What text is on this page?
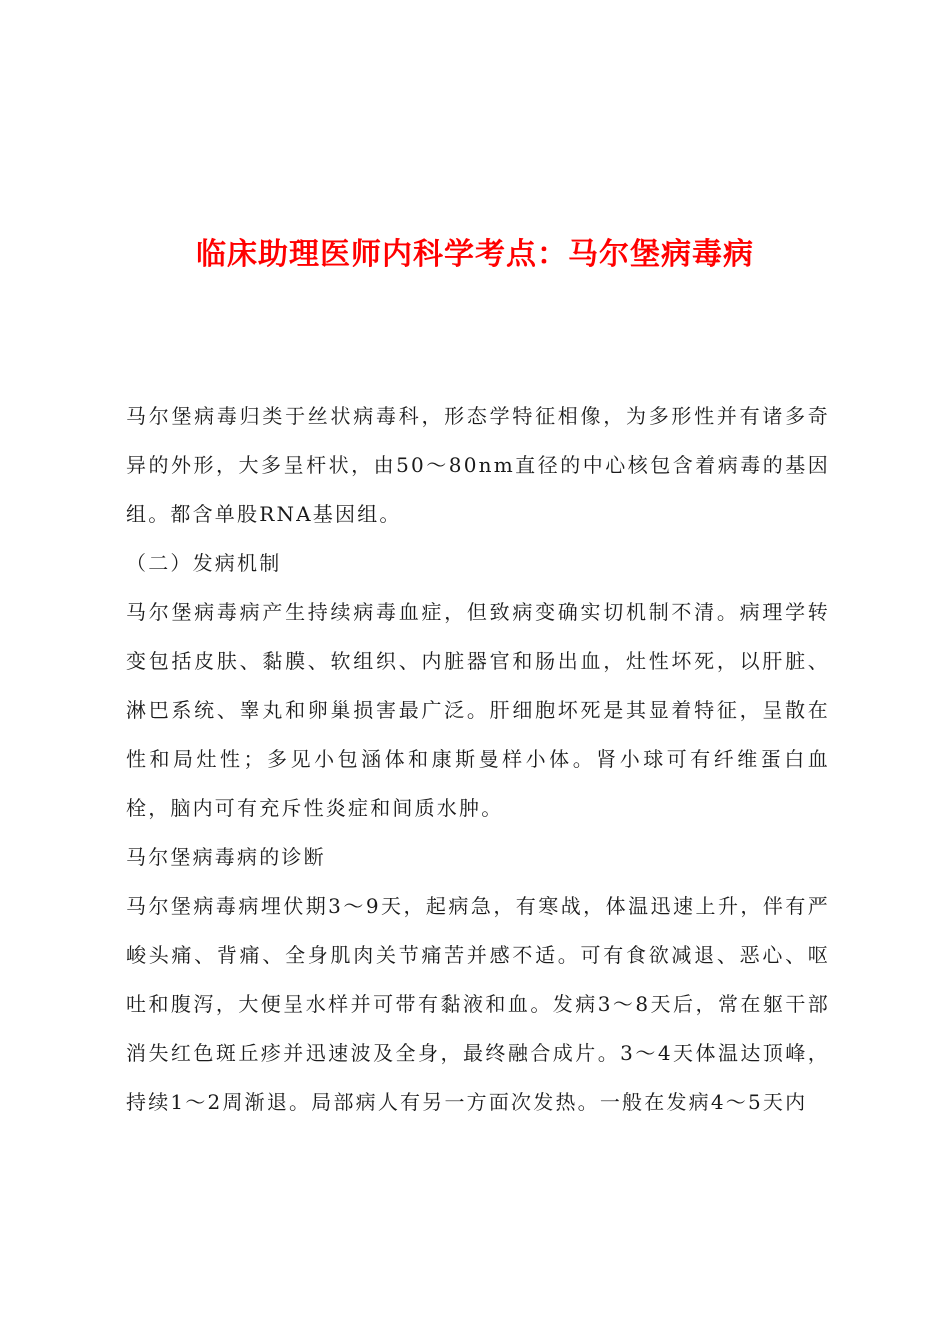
临床助理医师内科学考点：马尔堡病毒病

马尔堡病毒归类于丝状病毒科，形态学特征相像，为多形性并有诸多奇异的外形，大多呈杆状，由50～80nm直径的中心核包含着病毒的基因组。都含单股RNA基因组。

（二）发病机制

马尔堡病毒病产生持续病毒血症，但致病变确实切机制不清。病理学转变包括皮肤、黏膜、软组织、内脏器官和肠出血，灶性坏死，以肝脏、淋巴系统、睾丸和卵巢损害最广泛。肝细胞坏死是其显着特征，呈散在性和局灶性；多见小包涵体和康斯曼样小体。肾小球可有纤维蛋白血栓，脑内可有充斥性炎症和间质水肿。

马尔堡病毒病的诊断

马尔堡病毒病埋伏期3～9天，起病急，有寒战，体温迅速上升，伴有严峻头痛、背痛、全身肌肉关节痛苦并感不适。可有食欲减退、恶心、呕吐和腹泻，大便呈水样并可带有黏液和血。发病3～8天后，常在躯干部消失红色斑丘疹并迅速波及全身，最终融合成片。3～4天体温达顶峰，持续1～2周渐退。局部病人有另一方面次发热。一般在发病4～5天内
